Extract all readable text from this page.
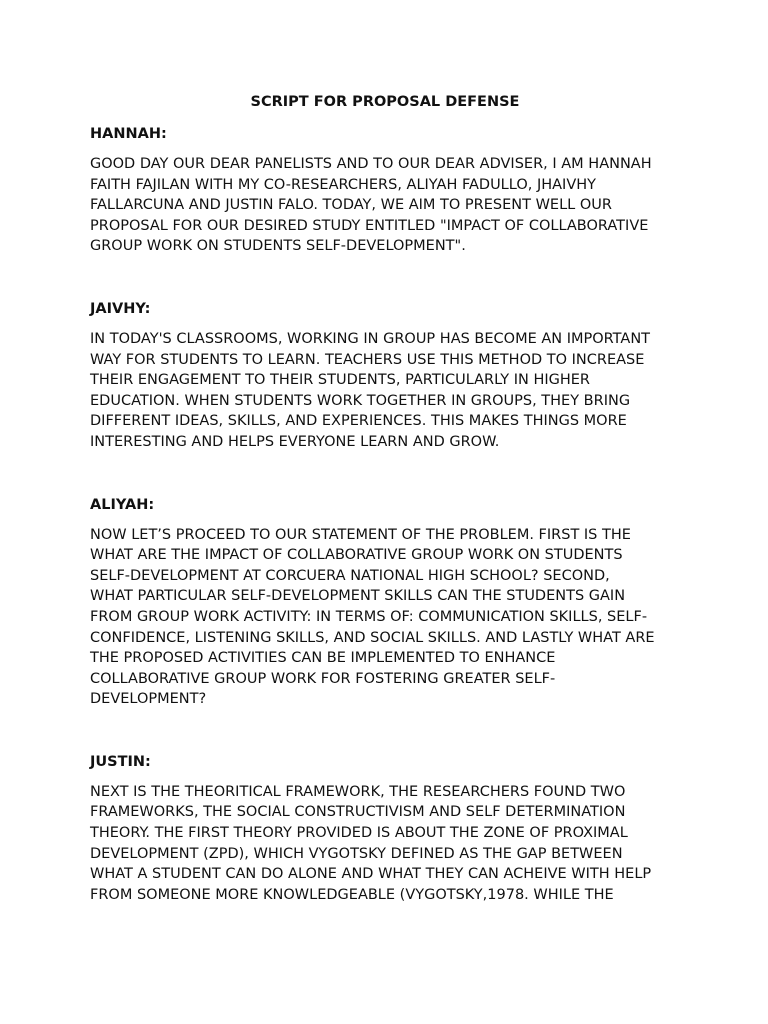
SCRIPT FOR PROPOSAL DEFENSE
HANNAH:
GOOD DAY OUR DEAR PANELISTS AND TO OUR DEAR ADVISER, I AM HANNAH
FAITH FAJILAN WITH MY CO-RESEARCHERS, ALIYAH FADULLO, JHAIVHY
FALLARCUNA AND JUSTIN FALO. TODAY, WE AIM TO PRESENT WELL OUR
PROPOSAL FOR OUR DESIRED STUDY ENTITLED "IMPACT OF COLLABORATIVE
GROUP WORK ON STUDENTS SELF-DEVELOPMENT".
JAIVHY:
IN TODAY'S CLASSROOMS, WORKING IN GROUP HAS BECOME AN IMPORTANT
WAY FOR STUDENTS TO LEARN. TEACHERS USE THIS METHOD TO INCREASE
THEIR ENGAGEMENT TO THEIR STUDENTS, PARTICULARLY IN HIGHER
EDUCATION. WHEN STUDENTS WORK TOGETHER IN GROUPS, THEY BRING
DIFFERENT IDEAS, SKILLS, AND EXPERIENCES. THIS MAKES THINGS MORE
INTERESTING AND HELPS EVERYONE LEARN AND GROW.
ALIYAH:
NOW LET’S PROCEED TO OUR STATEMENT OF THE PROBLEM. FIRST IS THE
WHAT ARE THE IMPACT OF COLLABORATIVE GROUP WORK ON STUDENTS
SELF-DEVELOPMENT AT CORCUERA NATIONAL HIGH SCHOOL? SECOND,
WHAT PARTICULAR SELF-DEVELOPMENT SKILLS CAN THE STUDENTS GAIN
FROM GROUP WORK ACTIVITY: IN TERMS OF: COMMUNICATION SKILLS, SELF-
CONFIDENCE, LISTENING SKILLS, AND SOCIAL SKILLS. AND LASTLY WHAT ARE
THE PROPOSED ACTIVITIES CAN BE IMPLEMENTED TO ENHANCE
COLLABORATIVE GROUP WORK FOR FOSTERING GREATER SELF-
DEVELOPMENT?
JUSTIN:
NEXT IS THE THEORITICAL FRAMEWORK, THE RESEARCHERS FOUND TWO
FRAMEWORKS, THE SOCIAL CONSTRUCTIVISM AND SELF DETERMINATION
THEORY. THE FIRST THEORY PROVIDED IS ABOUT THE ZONE OF PROXIMAL
DEVELOPMENT (ZPD), WHICH VYGOTSKY DEFINED AS THE GAP BETWEEN
WHAT A STUDENT CAN DO ALONE AND WHAT THEY CAN ACHEIVE WITH HELP
FROM SOMEONE MORE KNOWLEDGEABLE (VYGOTSKY,1978. WHILE THE
